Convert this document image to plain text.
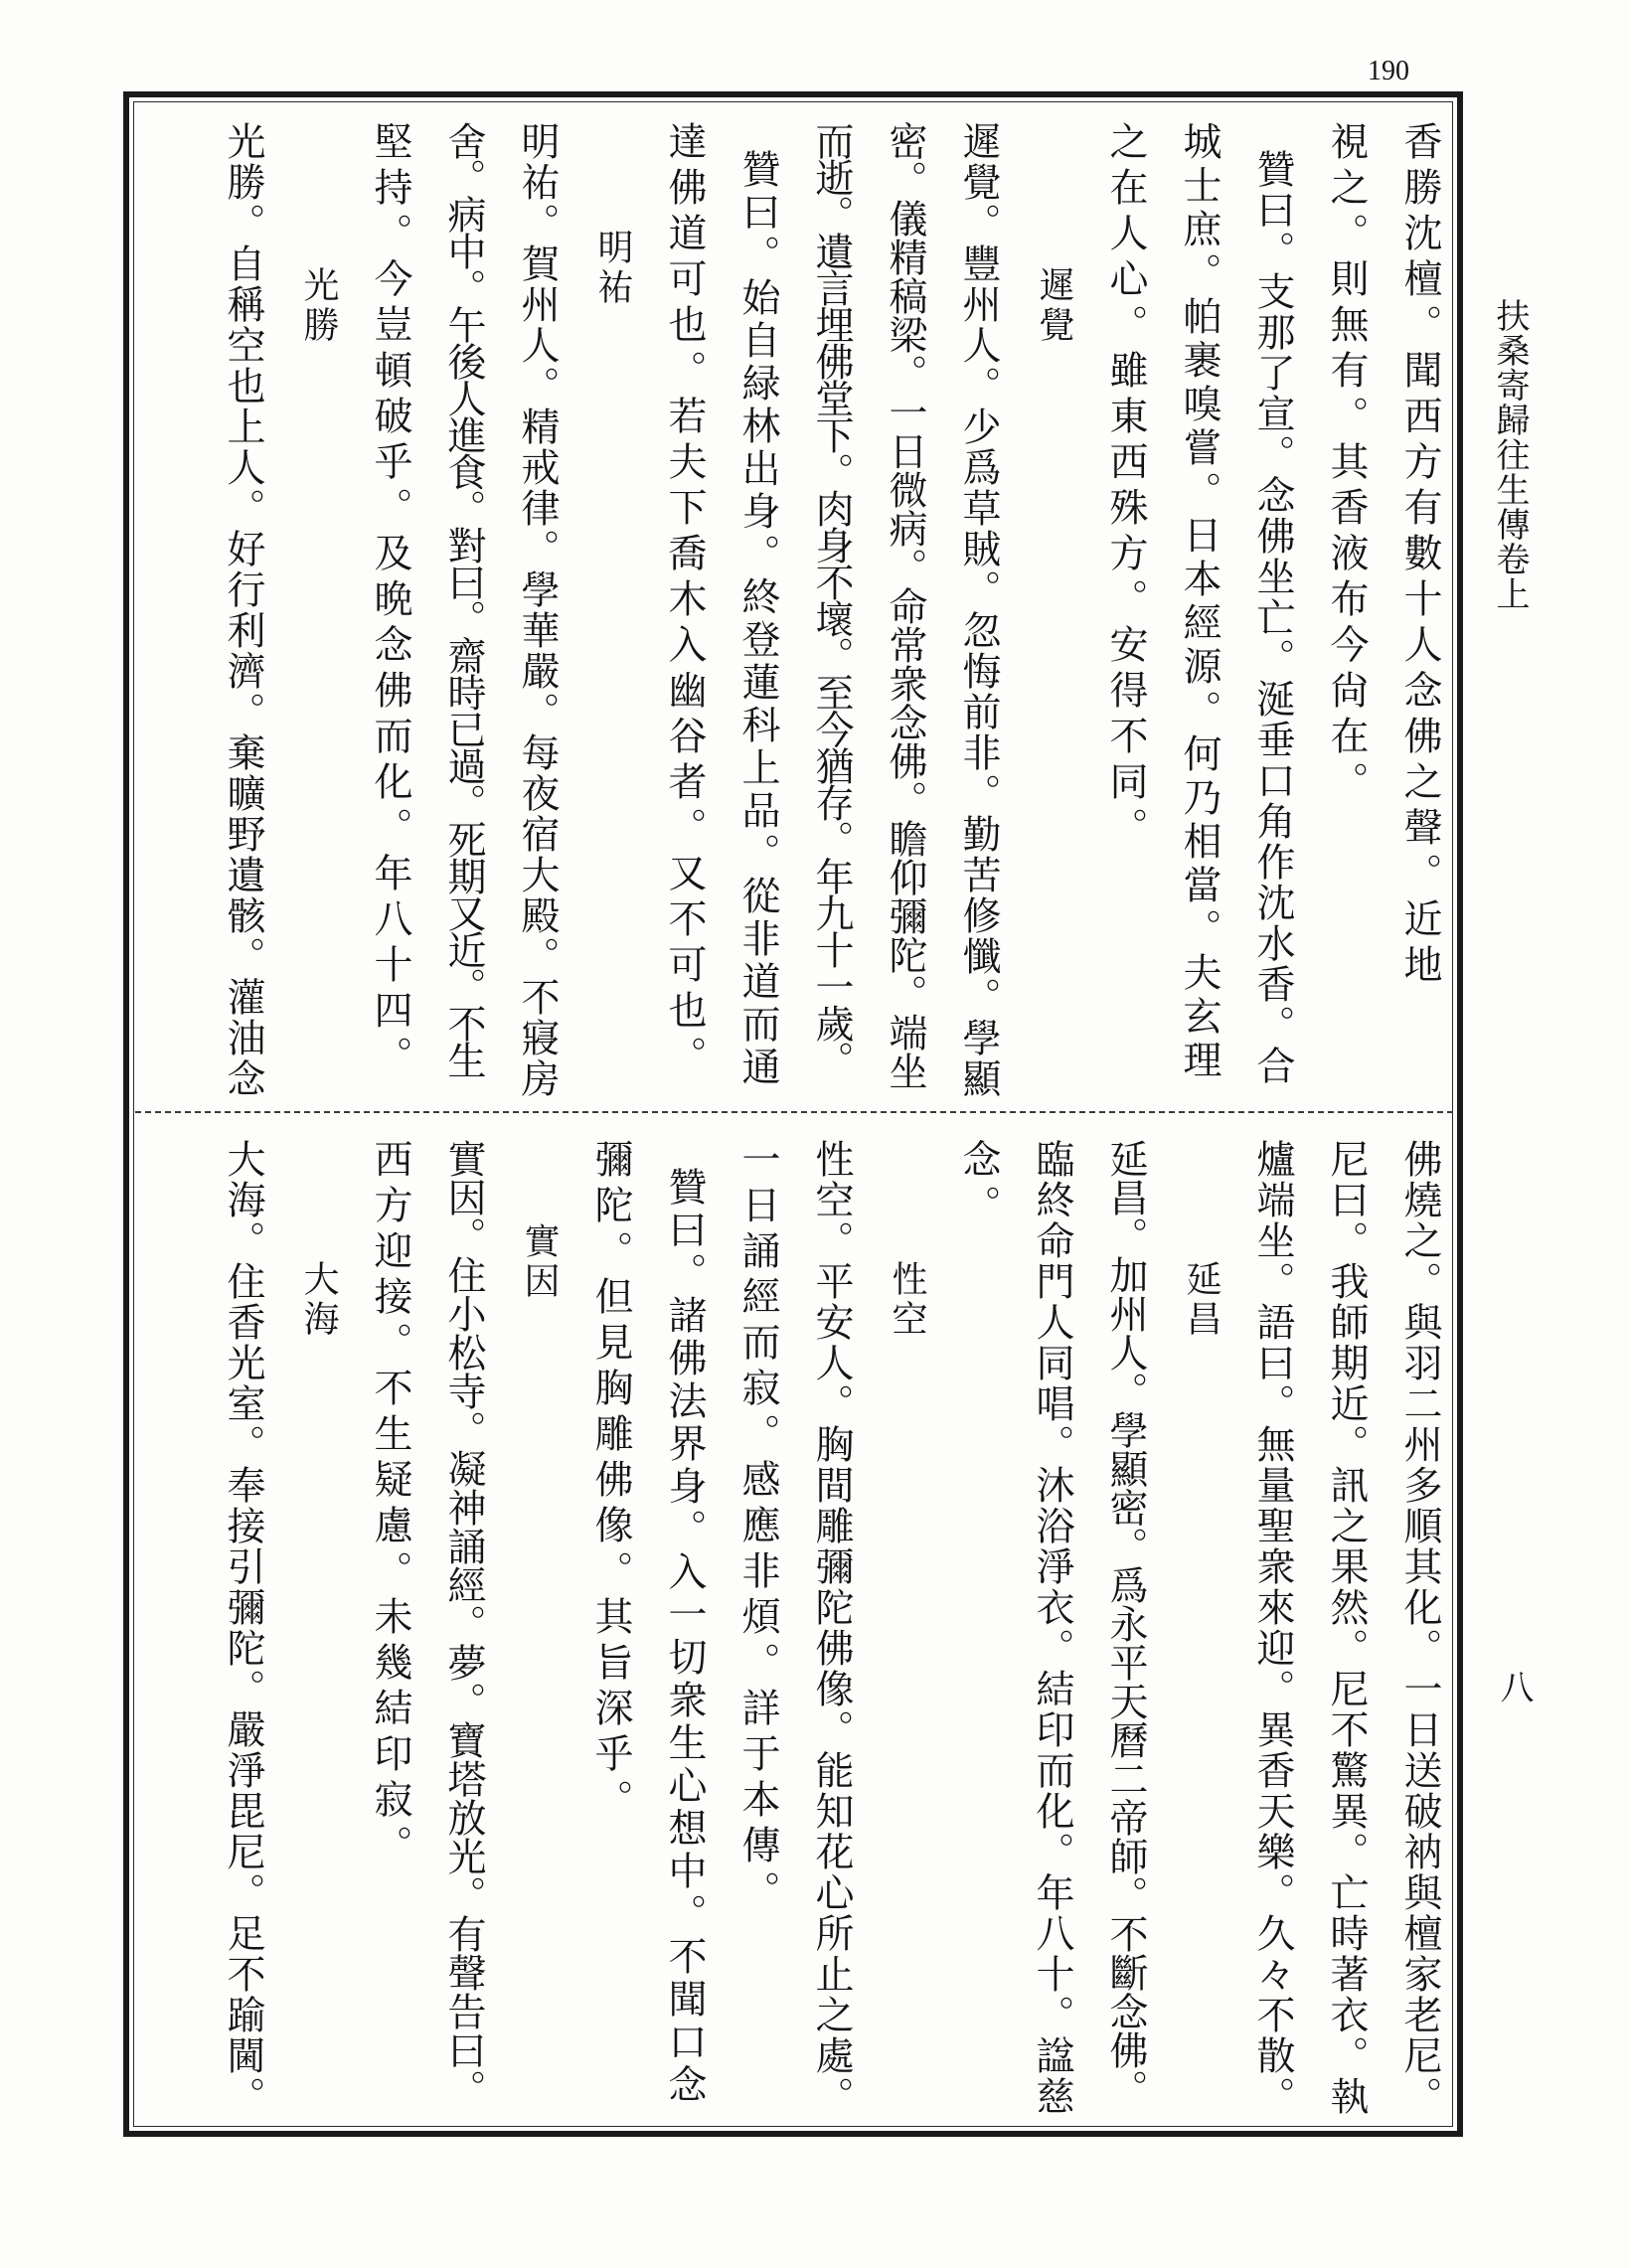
190
扶桑寄歸往生傳卷上
八
香勝沈檀。聞西方有數十人念佛之聲。近地
視之。則無有。其香液布今尙在。
贊曰。支那了宣。念佛坐亡。涎垂口角作沈水香。合
城士庶。帕裹嗅嘗。日本經源。何乃相當。夫玄理
之在人心。雖東西殊方。安得不同。
遲覺
遲覺。豐州人。少爲草賊。忽悔前非。勤苦修懺。學顯
密。儀精稿梁。一日微病。命常衆念佛。瞻仰彌陀。端坐
而逝。遺言埋佛堂下。肉身不壞。至今猶存。年九十一歲。
贊曰。始自緑林出身。終登蓮科上品。從非道而通
達佛道可也。若夫下喬木入幽谷者。又不可也。
明祐
明祐。賀州人。精戒律。學華嚴。每夜宿大殿。不寢房
舍。病中。午後人進食。對曰。齋時已過。死期又近。不生
堅持。今豈頓破乎。及晩念佛而化。年八十四。
光勝
光勝。自稱空也上人。好行利濟。棄曠野遺骸。灌油念
佛燒之。與羽二州多順其化。一日送破衲與檀家老尼。
尼曰。我師期近。訊之果然。尼不驚異。亡時著衣。執
爐端坐。語曰。無量聖衆來迎。異香天樂。久々不散。
延昌
延昌。加州人。學顯密。爲永平天曆二帝師。不斷念佛。
臨終命門人同唱。沐浴淨衣。結印而化。年八十。諡慈
念。
性空
性空。平安人。胸間雕彌陀佛像。能知花心所止之處。
一日誦經而寂。感應非煩。詳于本傳。
贊曰。諸佛法界身。入一切衆生心想中。不聞口念
彌陀。但見胸雕佛像。其旨深乎。
實因
實因。住小松寺。凝神誦經。夢。寶塔放光。有聲告曰。
西方迎接。不生疑慮。未幾結印寂。
大海
大海。住香光室。奉接引彌陀。嚴淨毘尼。足不踰閫。
